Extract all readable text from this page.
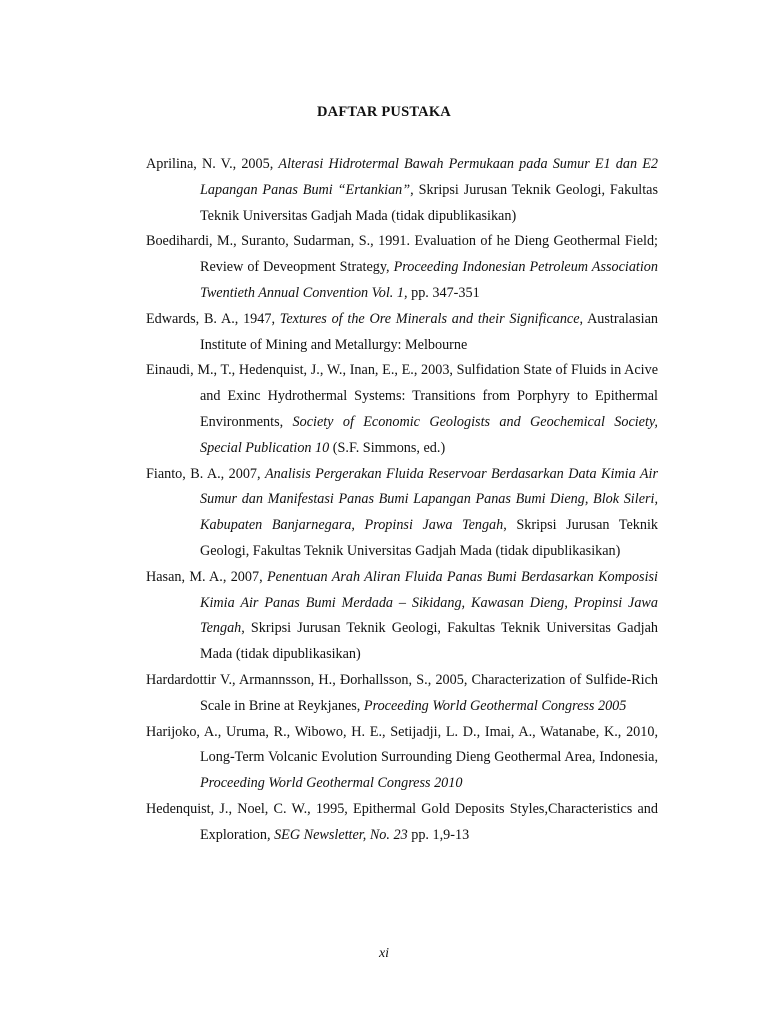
DAFTAR PUSTAKA

Aprilina, N. V., 2005, Alterasi Hidrotermal Bawah Permukaan pada Sumur E1 dan E2 Lapangan Panas Bumi “Ertankian”, Skripsi Jurusan Teknik Geologi, Fakultas Teknik Universitas Gadjah Mada (tidak dipublikasikan)

Boedihardi, M., Suranto, Sudarman, S., 1991. Evaluation of he Dieng Geothermal Field; Review of Deveopment Strategy, Proceeding Indonesian Petroleum Association Twentieth Annual Convention Vol. 1, pp. 347-351

Edwards, B. A., 1947, Textures of the Ore Minerals and their Significance, Australasian Institute of Mining and Metallurgy: Melbourne

Einaudi, M., T., Hedenquist, J., W., Inan, E., E., 2003, Sulfidation State of Fluids in Acive and Exinc Hydrothermal Systems: Transitions from Porphyry to Epithermal Environments, Society of Economic Geologists and Geochemical Society, Special Publication 10 (S.F. Simmons, ed.)

Fianto, B. A., 2007, Analisis Pergerakan Fluida Reservoar Berdasarkan Data Kimia Air Sumur dan Manifestasi Panas Bumi Lapangan Panas Bumi Dieng, Blok Sileri, Kabupaten Banjarnegara, Propinsi Jawa Tengah, Skripsi Jurusan Teknik Geologi, Fakultas Teknik Universitas Gadjah Mada (tidak dipublikasikan)

Hasan, M. A., 2007, Penentuan Arah Aliran Fluida Panas Bumi Berdasarkan Komposisi Kimia Air Panas Bumi Merdada – Sikidang, Kawasan Dieng, Propinsi Jawa Tengah, Skripsi Jurusan Teknik Geologi, Fakultas Teknik Universitas Gadjah Mada (tidak dipublikasikan)

Hardardottir V., Armannsson, H., Ðorhallsson, S., 2005, Characterization of Sulfide-Rich Scale in Brine at Reykjanes, Proceeding World Geothermal Congress 2005

Harijoko, A., Uruma, R., Wibowo, H. E., Setijadji, L. D., Imai, A., Watanabe, K., 2010, Long-Term Volcanic Evolution Surrounding Dieng Geothermal Area, Indonesia, Proceeding World Geothermal Congress 2010

Hedenquist, J., Noel, C. W., 1995, Epithermal Gold Deposits Styles,Characteristics and Exploration, SEG Newsletter, No. 23 pp. 1,9-13

xi
